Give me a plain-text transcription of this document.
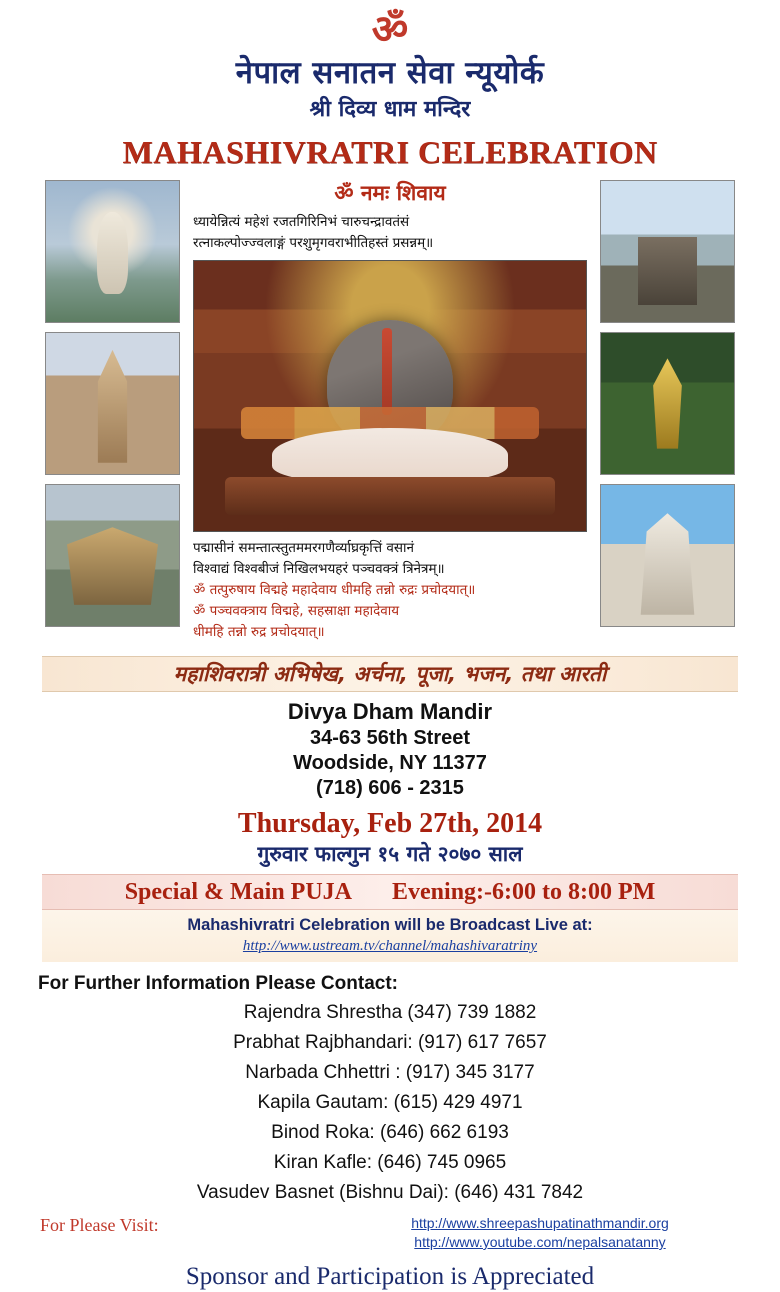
ॐ
नेपाल सनातन सेवा न्यूयोर्क
श्री दिव्य धाम मन्दिर
MAHASHIVRATRI CELEBRATION
ॐ नमः शिवाय
ध्यायेन्नित्यं महेशं रजतगिरिनिभं चारुचन्द्रावतंसं
रत्नाकल्पोज्ज्वलाङ्गं परशुमृगवराभीतिहस्तं प्रसन्नम्॥
पद्मासीनं समन्तात्स्तुतममरगणैर्व्याघ्रकृत्तिं वसानं
विश्वाद्यं विश्वबीजं निखिलभयहरं पञ्चवक्त्रं त्रिनेत्रम्॥
ॐ तत्पुरुषाय विद्महे महादेवाय धीमहि तन्नो रुद्रः प्रचोदयात्॥
ॐ पञ्चवक्त्राय विद्महे, सहस्राक्षा महादेवाय
धीमहि तन्नो रुद्र प्रचोदयात्॥
महाशिवरात्री अभिषेख, अर्चना, पूजा, भजन, तथा आरती
Divya Dham Mandir
34-63 56th Street
Woodside, NY 11377
(718) 606 - 2315
Thursday, Feb 27th, 2014
गुरुवार फाल्गुन १५ गते २०७० साल
Special & Main PUJA Evening:-6:00 to 8:00 PM
Mahashivratri Celebration will be Broadcast Live at:
http://www.ustream.tv/channel/mahashivaratriny
For Further Information Please Contact:
Rajendra Shrestha (347) 739 1882
Prabhat Rajbhandari: (917) 617 7657
Narbada Chhettri : (917) 345 3177
Kapila Gautam: (615) 429 4971
Binod Roka: (646) 662 6193
Kiran Kafle: (646) 745 0965
Vasudev Basnet (Bishnu Dai): (646) 431 7842
For Please Visit:	http://www.shreepashupatinathmandir.org
http://www.youtube.com/nepalsanatanny
Sponsor and Participation is Appreciated
